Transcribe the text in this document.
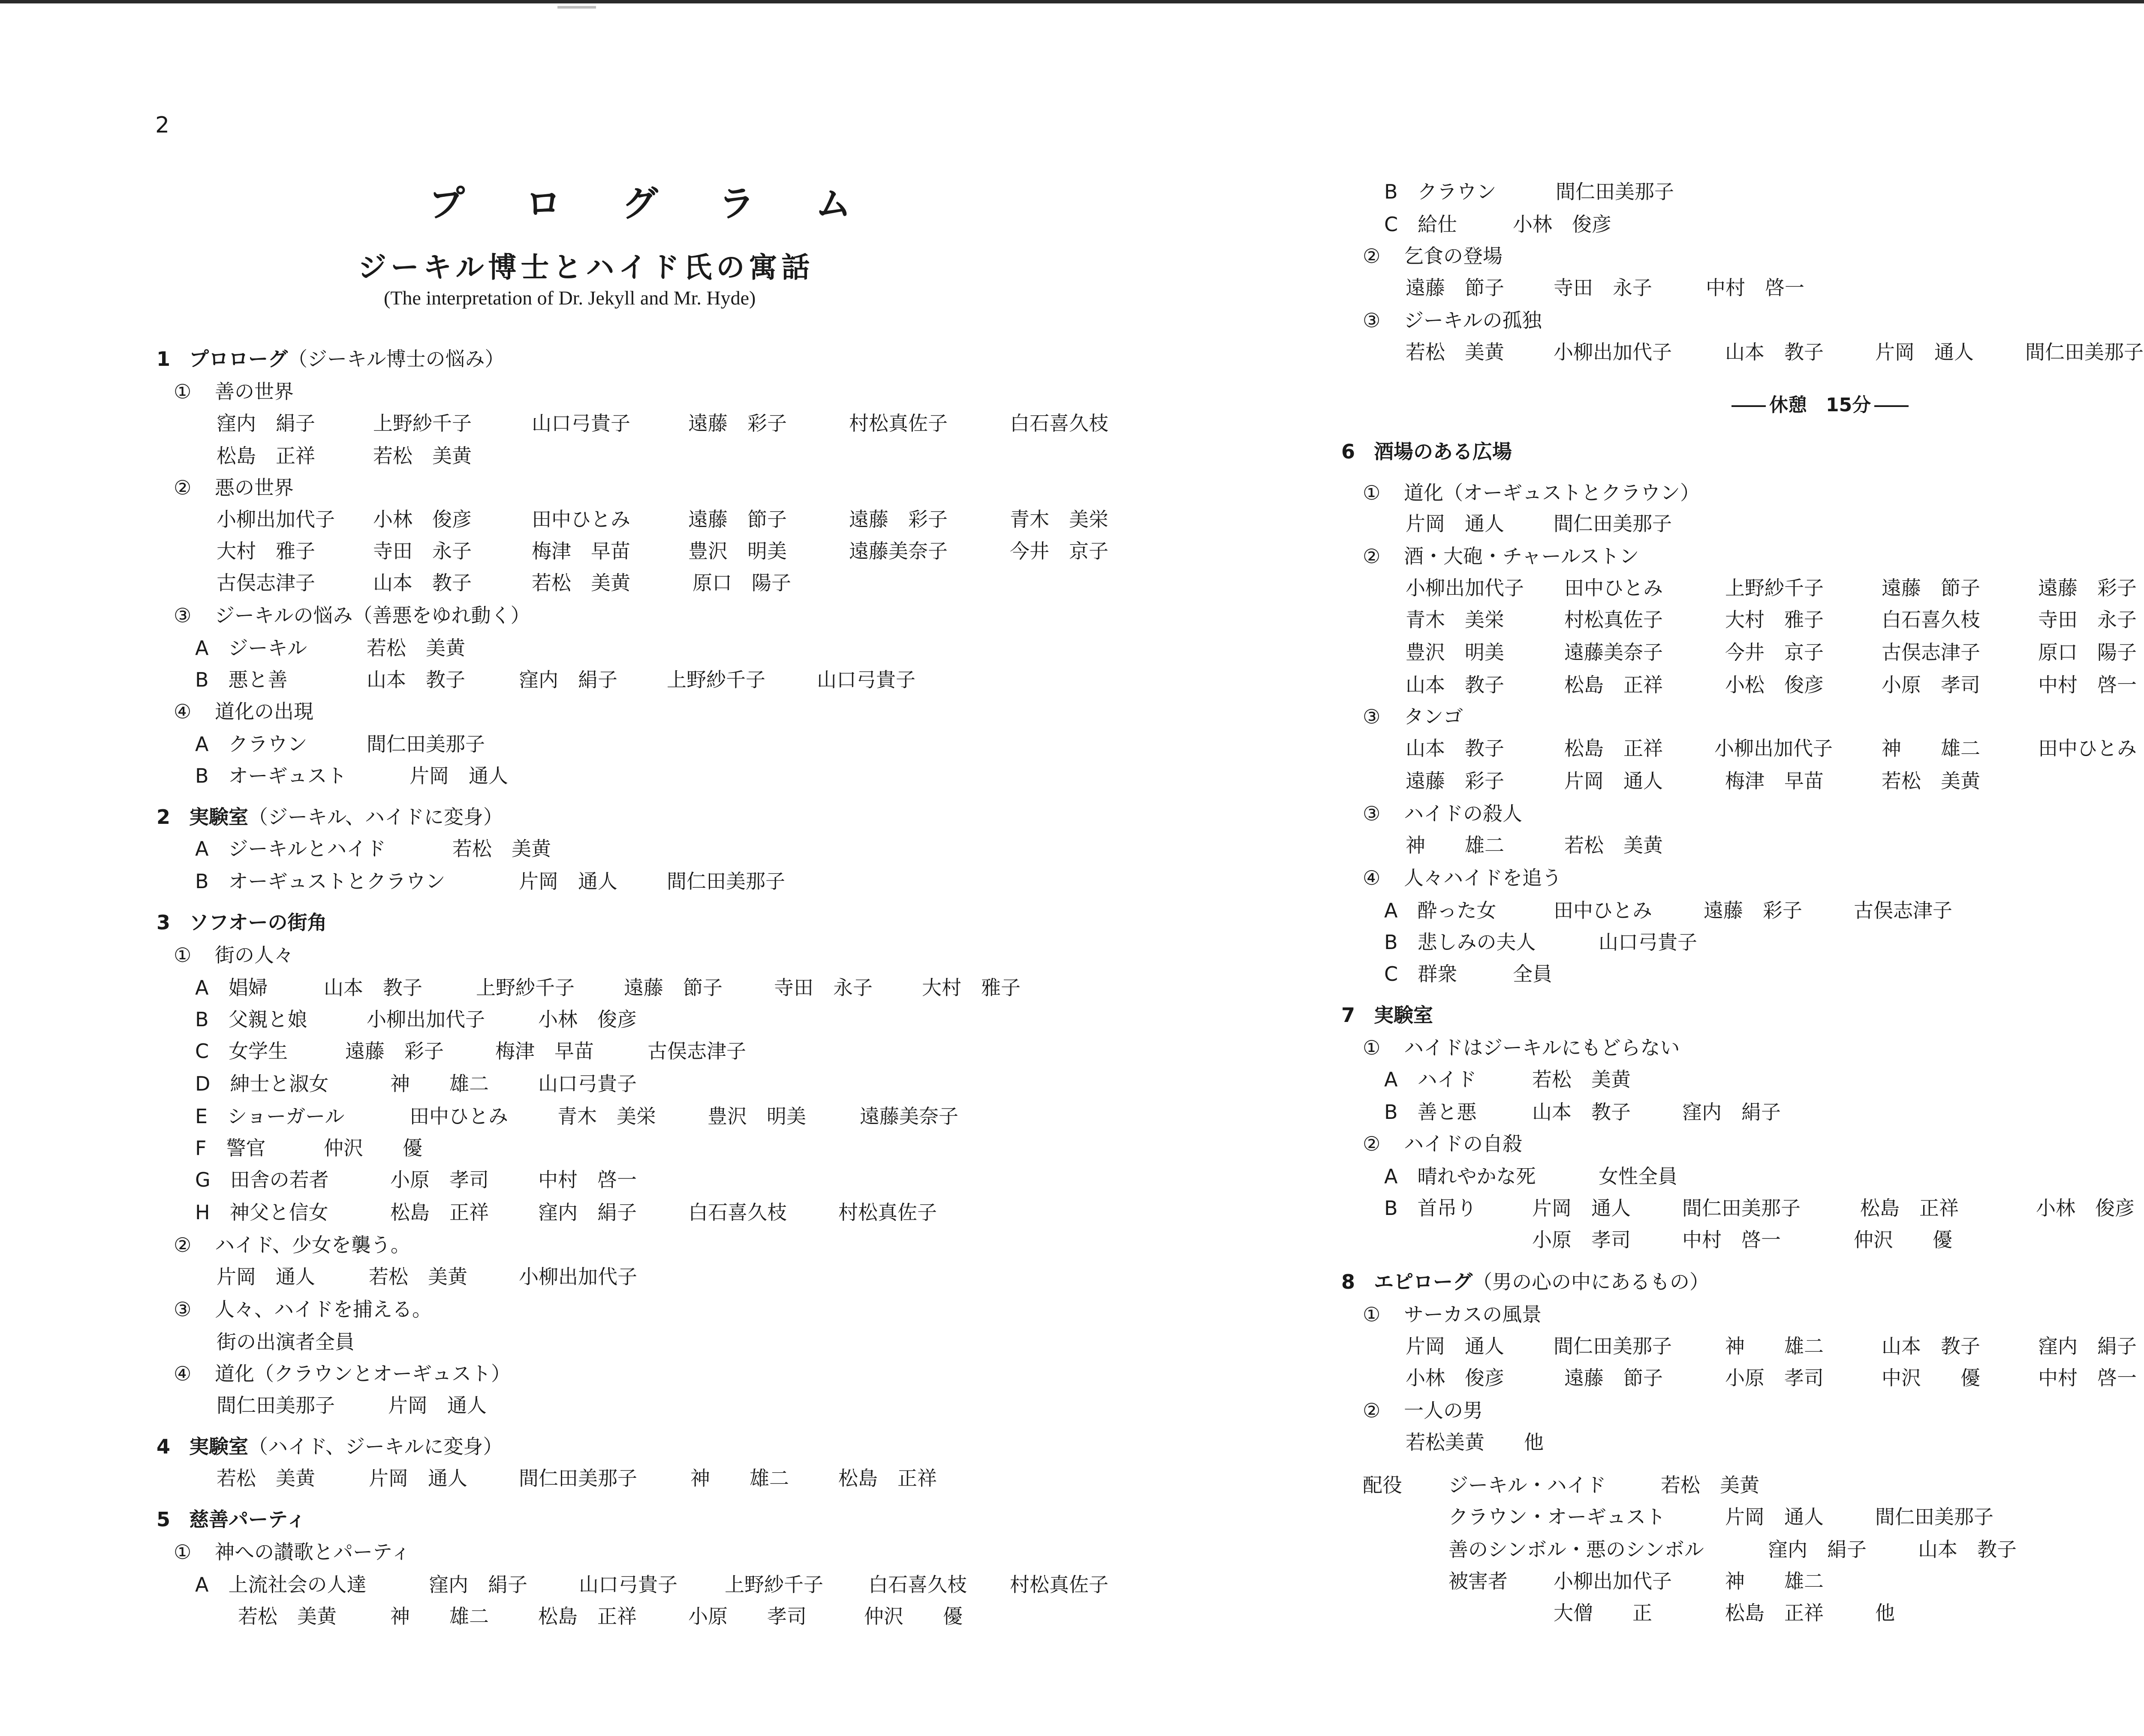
2
プ ロ グ ラ ム
ジーキル博士とハイド氏の寓話
(The interpretation of Dr. Jekyll and Mr. Hyde)
休憩　15分
1 プロローグ（ジーキル博士の悩み）
① 善の世界
窪内　絹子	上野紗千子	山口弓貴子	遠藤　彩子	村松真佐子	白石喜久枝
松島　正祥	若松　美黄
② 悪の世界
小柳出加代子 小林　俊彦	田中ひとみ	遠藤　節子	遠藤　彩子	青木　美栄
大村　雅子	寺田　永子	梅津　早苗	豊沢　明美	遠藤美奈子	今井　京子
古俣志津子	山本　教子	若松　美黄	原口　陽子
③ ジーキルの悩み（善悪をゆれ動く）
A　ジーキル	若松　美黄
B　悪と善	山本　教子	窪内　絹子	上野紗千子	山口弓貴子
④ 道化の出現
A　クラウン	間仁田美那子
B　オーギュスト	片岡　通人
2 実験室（ジーキル、ハイドに変身）
A　ジーキルとハイド	若松　美黄
B　オーギュストとクラウン	片岡　通人	間仁田美那子
3 ソフオーの街角
① 街の人々
A　娼婦	山本　教子	上野紗千子	遠藤　節子	寺田　永子	大村　雅子
B　父親と娘	小柳出加代子	小林　俊彦
C　女学生	遠藤　彩子	梅津　早苗	古俣志津子
D　紳士と淑女	神　　雄二	山口弓貴子
E　ショーガール	田中ひとみ	青木　美栄	豊沢　明美	遠藤美奈子
F　警官	仲沢　　優
G　田舎の若者	小原　孝司	中村　啓一
H　神父と信女	松島　正祥	窪内　絹子	白石喜久枝	村松真佐子
② ハイド、少女を襲う。
片岡　通人	若松　美黄	小柳出加代子
③ 人々、ハイドを捕える。
街の出演者全員
④ 道化（クラウンとオーギュスト）
間仁田美那子	片岡　通人
4 実験室（ハイド、ジーキルに変身）
若松　美黄	片岡　通人	間仁田美那子	神　　雄二	松島　正祥
5 慈善パーティ
① 神への讃歌とパーティ
A　上流社会の人達	窪内　絹子	山口弓貴子 上野紗千子 白石喜久枝 村松真佐子
若松　美黄	神　　雄二	松島　正祥	小原　　孝司	仲沢　　優
B　クラウン	間仁田美那子
C　給仕	小林　俊彦
② 乞食の登場
遠藤　節子	寺田　永子	中村　啓一
③ ジーキルの孤独
若松　美黄	小柳出加代子	山本　教子	片岡　通人	間仁田美那子
6 酒場のある広場
① 道化（オーギュストとクラウン）
片岡　通人	間仁田美那子
② 酒・大砲・チャールストン
小柳出加代子 田中ひとみ	上野紗千子	遠藤　節子	遠藤　彩子
青木　美栄	村松真佐子	大村　雅子	白石喜久枝	寺田　永子
豊沢　明美	遠藤美奈子	今井　京子	古俣志津子	原口　陽子
山本　教子	松島　正祥	小松　俊彦	小原　孝司	中村　啓一
③ タンゴ
山本　教子	松島　正祥	小柳出加代子 神　　雄二	田中ひとみ
遠藤　彩子	片岡　通人	梅津　早苗	若松　美黄
③ ハイドの殺人
神　　雄二	若松　美黄
④ 人々ハイドを追う
A　酔った女	田中ひとみ	遠藤　彩子	古俣志津子
B　悲しみの夫人	山口弓貴子
C　群衆	全員
7 実験室
① ハイドはジーキルにもどらない
A　ハイド	若松　美黄
B　善と悪	山本　教子	窪内　絹子
② ハイドの自殺
A　晴れやかな死	女性全員
B　首吊り	片岡　通人	間仁田美那子	松島　正祥	小林　俊彦
小原　孝司	中村　啓一	仲沢　　優
8 エピローグ（男の心の中にあるもの）
① サーカスの風景
片岡　通人	間仁田美那子	神　　雄二	山本　教子	窪内　絹子
小林　俊彦	遠藤　節子	小原　孝司	中沢　　優	中村　啓一
② 一人の男
若松美黄　　他
配役 ジーキル・ハイド	若松　美黄
クラウン・オーギュスト	片岡　通人	間仁田美那子
善のシンボル・悪のシンボル	窪内　絹子	山本　教子
被害者 小柳出加代子	神　　雄二
大僧　　正	松島　正祥	他
